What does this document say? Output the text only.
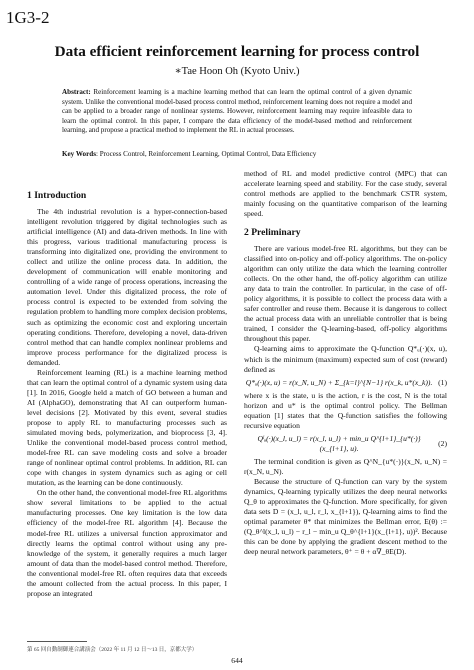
1G3-2
Data efficient reinforcement learning for process control
∗Tae Hoon Oh (Kyoto Univ.)
Abstract: Reinforcement learning is a machine learning method that can learn the optimal control of a given dynamic system. Unlike the conventional model-based process control method, reinforcement learning does not require a model and can be applied to a broader range of nonlinear systems. However, reinforcement learning may require infeasible data to learn the optimal control. In this paper, I compare the data efficiency of the model-based method and reinforcement learning, and propose a practical method to implement the RL in actual processes.
Key Words: Process Control, Reinforcement Learning, Optimal Control, Data Efficiency
1 Introduction

The 4th industrial revolution is a hyper-connection-based intelligent revolution triggered by digital technologies such as artificial intelligence (AI) and data-driven methods. In line with this progress, various traditional manufacturing process is transforming into digitalized one, providing the environment to collect and utilize the online process data. In addition, the development of communication will enable monitoring and controlling of a wide range of process operations, increasing the automation level. Under this digitalized process, the role of process control is expected to be extended from solving the regulation problem to handling more complex decision problems, such as optimizing the economic cost and exploring uncertain operating conditions. Therefore, developing a novel, data-driven control method that can handle complex nonlinear problems and improve process performance for the digitalized process is demanded.

Reinforcement learning (RL) is a machine learning method that can learn the optimal control of a dynamic system using data [1]. In 2016, Google held a match of GO between a human and AI (AlphaGO), demonstrating that AI can outperform human-level decisions [2]. Motivated by this event, several studies propose to apply RL to manufacturing processes such as simulated moving beds, polymerization, and bioprocess [3, 4]. Unlike the conventional model-based process control method, model-free RL can save modeling costs and solve a broader range of nonlinear optimal control problems. In addition, RL can cope with changes in system dynamics such as aging or cell mutation, as the learning can be done continuously.

On the other hand, the conventional model-free RL algorithms show several limitations to be applied to the actual manufacturing processes. One key limitation is the low data efficiency of the model-free RL algorithm [4]. Because the model-free RL utilizes a universal function approximator and directly learns the optimal control without using any pre-knowledge of the system, it generally requires a much larger amount of data than the model-based control method. Therefore, the conventional model-free RL often requires data that exceeds the amount collected from the actual process. In this paper, I propose an integrated

method of RL and model predictive control (MPC) that can accelerate learning speed and stability. For the case study, several control methods are applied to the benchmark CSTR system, mainly focusing on the quantitative comparison of the learning speed.

2 Preliminary

There are various model-free RL algorithms, but they can be classified into on-policy and off-policy algorithms. The on-policy algorithm can only utilize the data which the learning controller collects. On the other hand, the off-policy algorithm can utilize any data to train the controller. In particular, in the case of off-policy algorithms, it is possible to collect the process data with a safer controller and reuse them. Because it is dangerous to collect the actual process data with an unreliable controller that is being trained, I consider the Q-learning-based, off-policy algorithms throughout this paper.

Q-learning aims to approximate the Q-function Q*ᵤ(·)(x, u), which is the minimum (maximum) expected sum of cost (reward) defined as

Q*ᵤ(·)(x, u) = r(x_N, u_N) + Σ_{k=l}^{N−1} r(x_k, u*(x_k)). (1)

where x is the state, u is the action, r is the cost, N is the total horizon and u* is the optimal control policy. The Bellman equation [1] states that the Q-function satisfies the following recursive equation

Qˡᵤ(·)(x_l, u_l) = r(x_l, u_l) + min_u Q^{l+1}_{u*(·)}(x_{l+1}, u).
(2)

The terminal condition is given as Q^N_{u*(·)}(x_N, u_N) = r(x_N, u_N).

Because the structure of Q-function can vary by the system dynamics, Q-learning typically utilizes the deep neural networks Q_θ to approximates the Q-function. More specifically, for given data sets D = (x_l, u_l, r_l, x_{l+1}), Q-learning aims to find the optimal parameter θ* that minimizes the Bellman error, E(θ) := (Q_θ^l(x_l, u_l) − r_l − min_u Q_θ^{l+1}(x_{l+1}, u))². Because this can be done by applying the gradient descent method to the deep neural network parameters, θ⁺ = θ + α∇_θE(D).

第 65 回自動制御連合講演会（2022 年 11 月 12 日〜13 日，京都大学）
644
